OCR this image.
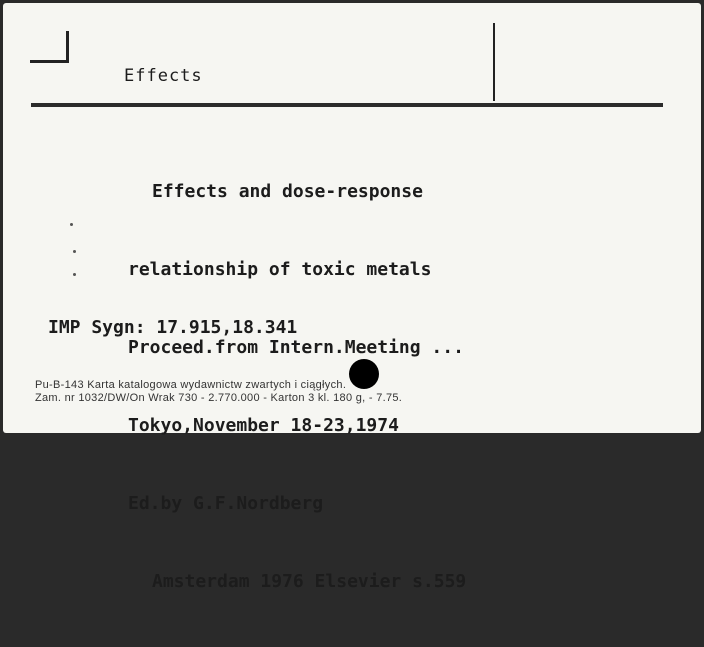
Effects

Effects and dose-response

relationship of toxic metals

Proceed.from Intern.Meeting ...

Tokyo,November 18-23,1974

Ed.by G.F.Nordberg

Amsterdam 1976 Elsevier s.559

IMP Sygn: 17.915,18.341
Pu-B-143 Karta katalogowa wydawnictw zwartych i ciągłych.
Zam. nr 1032/DW/On Wrak 730 - 2.770.000 - Karton 3 kl. 180 g, - 7.75.
